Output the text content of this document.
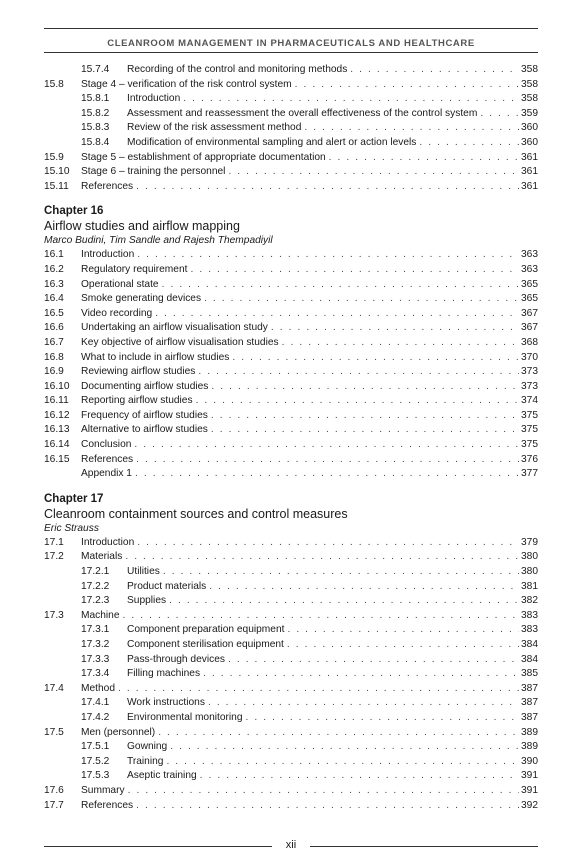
CLEANROOM MANAGEMENT IN PHARMACEUTICALS AND HEALTHCARE
15.7.4 Recording of the control and monitoring methods . . .	358
15.8 Stage 4 – verification of the risk control system . . .	358
15.8.1 Introduction . . .	358
15.8.2 Assessment and reassessment the overall effectiveness of the control system . . .	359
15.8.3 Review of the risk assessment method . . .	360
15.8.4 Modification of environmental sampling and alert or action levels . . .	360
15.9 Stage 5 – establishment of appropriate documentation . . .	361
15.10 Stage 6 – training the personnel . . .	361
15.11 References . . .	361
Chapter 16
Airflow studies and airflow mapping
Marco Budini, Tim Sandle and Rajesh Thempadiyil
16.1 Introduction . . .	363
16.2 Regulatory requirement . . .	363
16.3 Operational state . . .	365
16.4 Smoke generating devices . . .	365
16.5 Video recording . . .	367
16.6 Undertaking an airflow visualisation study . . .	367
16.7 Key objective of airflow visualisation studies . . .	368
16.8 What to include in airflow studies . . .	370
16.9 Reviewing airflow studies . . .	373
16.10 Documenting airflow studies . . .	373
16.11 Reporting airflow studies . . .	374
16.12 Frequency of airflow studies . . .	375
16.13 Alternative to airflow studies . . .	375
16.14 Conclusion . . .	375
16.15 References . . .	376
Appendix 1 . . .	377
Chapter 17
Cleanroom containment sources and control measures
Eric Strauss
17.1 Introduction . . .	379
17.2 Materials . . .	380
17.2.1 Utilities . . .	380
17.2.2 Product materials . . .	381
17.2.3 Supplies . . .	382
17.3 Machine . . .	383
17.3.1 Component preparation equipment . . .	383
17.3.2 Component sterilisation equipment . . .	384
17.3.3 Pass-through devices . . .	384
17.3.4 Filling machines . . .	385
17.4 Method . . .	387
17.4.1 Work instructions . . .	387
17.4.2 Environmental monitoring . . .	387
17.5 Men (personnel) . . .	389
17.5.1 Gowning . . .	389
17.5.2 Training . . .	390
17.5.3 Aseptic training . . .	391
17.6 Summary . . .	391
17.7 References . . .	392
xii
